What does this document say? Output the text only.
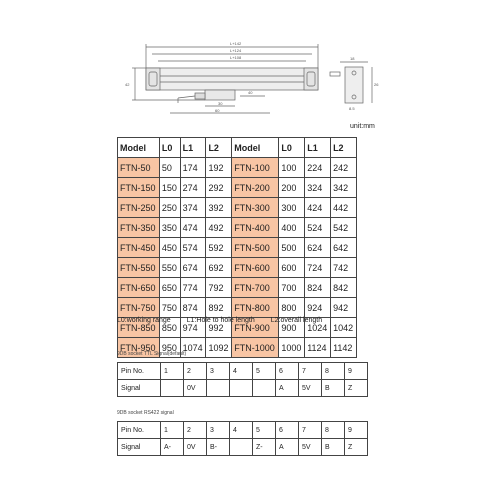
L+142
L+124
L+108
30
60
40
42
18
26
8.5
unit:mm
Model	L0	L1	L2	Model	L0	L1	L2
FTN-50	50	174	192	FTN-100	100	224	242
FTN-150	150	274	292	FTN-200	200	324	342
FTN-250	250	374	392	FTN-300	300	424	442
FTN-350	350	474	492	FTN-400	400	524	542
FTN-450	450	574	592	FTN-500	500	624	642
FTN-550	550	674	692	FTN-600	600	724	742
FTN-650	650	774	792	FTN-700	700	824	842
FTN-750	750	874	892	FTN-800	800	924	942
FTN-850	850	974	992	FTN-900	900	1024	1042
FTN-950	950	1074	1092	FTN-1000	1000	1124	1142
L0:working range L1:Hole to hole length L2:overall length
9DB socket TTL Signal(default)
Pin No.	1	2	3	4	5	6	7	8	9
Signal		0V				A	5V	B	Z
9DB socket RS422 signal
Pin No.	1	2	3	4	5	6	7	8	9
Signal	A-	0V	B-		Z-	A	5V	B	Z
